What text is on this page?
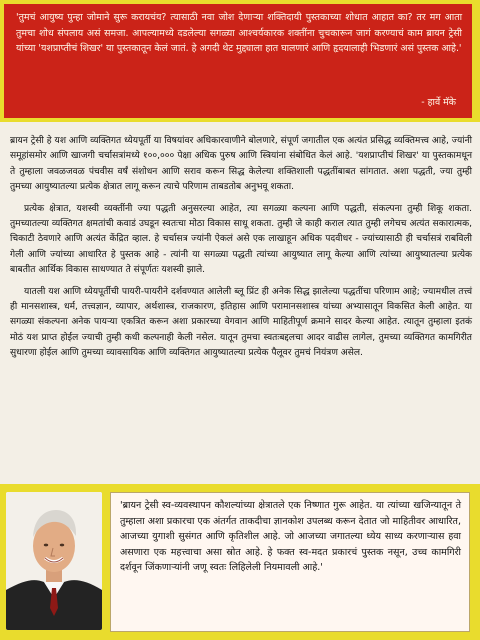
'तुमचं आयुष्य पुन्हा जोमाने सुरू करायचंय? त्यासाठी नवा जोश देणाऱ्या शक्तिदायी पुस्तकाच्या शोधात आहात का? तर मग आता तुमचा शोध संपलाय असं समजा. आपल्यामध्ये दडलेल्या सगळ्या आश्चर्यकारक शक्तींना चुचकारून जागं करण्याचं काम ब्रायन ट्रेसी यांच्या 'यशप्राप्तीचं शिखर' या पुस्तकातून केलं जातं. हे अगदी थेट मुद्द्याला हात घालणारं आणि हृदयालाही भिडणारं असं पुस्तक आहे.'

- हार्वे मॅके

ब्रायन ट्रेसी हे यश आणि व्यक्तिगत ध्येयपूर्ती या विषयांवर अधिकारवाणीने बोलणारे, संपूर्ण जगातील एक अत्यंत प्रसिद्ध व्यक्तिमत्त्व आहे, ज्यांनी समूहांसमोर आणि खाजगी चर्चासत्रांमध्ये १००,००० पेक्षा अधिक पुरुष आणि स्त्रियांना संबोधित केलं आहे. 'यशप्राप्तीचं शिखर' या पुस्तकामधून ते तुम्हाला जवळजवळ पंचवीस वर्षं संशोधन आणि सराव करून सिद्ध केलेल्या शक्तिशाली पद्धतींबाबत सांगतात. अशा पद्धती, ज्या तुम्ही तुमच्या आयुष्यातल्या प्रत्येक क्षेत्रात लागू करून त्याचे परिणाम ताबडतोब अनुभवू शकता.

प्रत्येक क्षेत्रात, यशस्वी व्यक्तींनी ज्या पद्धती अनुसरल्या आहेत, त्या सगळ्या कल्पना आणि पद्धती, संकल्पना तुम्ही शिकू शकता. तुमच्यातल्या व्यक्तिगत क्षमतांची कवाडं उघडून स्वतःचा मोठा विकास साधू शकता. तुम्ही जे काही कराल त्यात तुम्ही लगेचच अत्यंत सकारात्मक, चिकाटी ठेवणारे आणि अत्यंत केंद्रित व्हाल. हे चर्चासत्र ज्यांनी ऐकलं असे एक लाखाहून अधिक पदवीधर - ज्यांच्यासाठी ही चर्चासत्रं राबविली गेली आणि ज्यांच्या आधारित हे पुस्तक आहे - त्यांनी या सगळ्या पद्धती त्यांच्या आयुष्यात लागू केल्या आणि त्यांच्या आयुष्यातल्या प्रत्येक बाबतीत आर्थिक विकास साधण्यात ते संपूर्णतः यशस्वी झाले.

यातली यश आणि ध्येयपूर्तीची पायरी-पायरीने दर्शवण्यात आलेली ब्लू प्रिंट ही अनेक सिद्ध झालेल्या पद्धतींचा परिणाम आहे; ज्यामधील तत्त्वं ही मानसशास्त्र, धर्म, तत्त्वज्ञान, व्यापार, अर्थशास्त्र, राजकारण, इतिहास आणि परामानसशास्त्र यांच्या अभ्यासातून विकसित केली आहेत. या सगळ्या संकल्पना अनेक पायऱ्या एकत्रित करून अशा प्रकारच्या वेगवान आणि माहितीपूर्ण क्रमाने सादर केल्या आहेत. त्यातून तुम्हाला इतकं मोठं यश प्राप्त होईल ज्याची तुम्ही कधी कल्पनाही केली नसेल. यातून तुमचा स्वतःबद्दलचा आदर वाढीस लागेल, तुमच्या व्यक्तिगत कामगिरीत सुधारणा होईल आणि तुमच्या व्यावसायिक आणि व्यक्तिगत आयुष्यातल्या प्रत्येक पैलूवर तुमचं नियंत्रण असेल.

'ब्रायन ट्रेसी स्व-व्यवस्थापन कौशल्यांच्या क्षेत्रातले एक निष्णात गुरू आहेत. या त्यांच्या खजिन्यातून ते तुम्हाला अशा प्रकारचा एक अंतर्गत ताकदीचा ज्ञानकोश उपलब्ध करून देतात जो माहितीवर आधारित, आजच्या युगाशी सुसंगत आणि कृतिशील आहे. जो आजच्या जगातल्या ध्येय साध्य करणाऱ्यास हवा असणारा एक महत्त्वाचा असा स्रोत आहे. हे फक्त स्व-मदत प्रकारचं पुस्तक नसून, उच्च कामगिरी दर्शवून जिंकणाऱ्यांनी जणू स्वतः लिहिलेली नियमावली आहे.'
